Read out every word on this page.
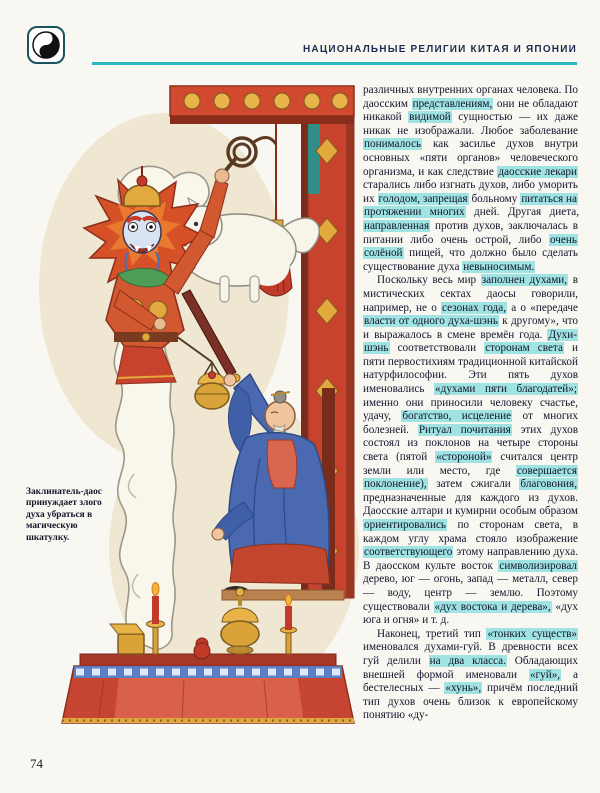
НАЦИОНАЛЬНЫЕ РЕЛИГИИ КИТАЯ И ЯПОНИИ
Заклинатель-даос принуждает злого духа убраться в магическую шкатулку.

различных внутренних органах человека. По даосским представлениям, они не обладают никакой видимой сущностью — их даже никак не изображали. Любое заболевание понималось как засилье духов внутри основных «пяти органов» человеческого организма, и как следствие даосские лекари старались либо изгнать духов, либо уморить их голодом, запрещая больному питаться на протяжении многих дней. Другая диета, направленная против духов, заключалась в питании либо очень острой, либо очень солёной пищей, что должно было сделать существование духа невыносимым.

Поскольку весь мир заполнен духами, в мистических сектах даосы говорили, например, не о сезонах года, а о «передаче власти от одного духа-шэнь к другому», что и выражалось в смене времён года. Духи-шэнь соответствовали сторонам света и пяти первостихиям традиционной китайской натурфилософии. Эти пять духов именовались «духами пяти благодатей»; именно они приносили человеку счастье, удачу, богатство, исцеление от многих болезней. Ритуал почитания этих духов состоял из поклонов на четыре стороны света (пятой «стороной» считался центр земли или место, где совершается поклонение), затем сжигали благовония, предназначенные для каждого из духов. Даосские алтари и кумирни особым образом ориентировались по сторонам света, в каждом углу храма стояло изображение соответствующего этому направлению духа. В даосском культе восток символизировал дерево, юг — огонь, запад — металл, север — воду, центр — землю. Поэтому существовали «дух востока и дерева», «дух юга и огня» и т. д.

Наконец, третий тип «тонких существ» именовался духами-гуй. В древности всех гуй делили на два класса. Обладающих внешней формой именовали «гуй», а бестелесных — «хунь», причём последний тип духов очень близок к европейскому понятию «ду-

74
